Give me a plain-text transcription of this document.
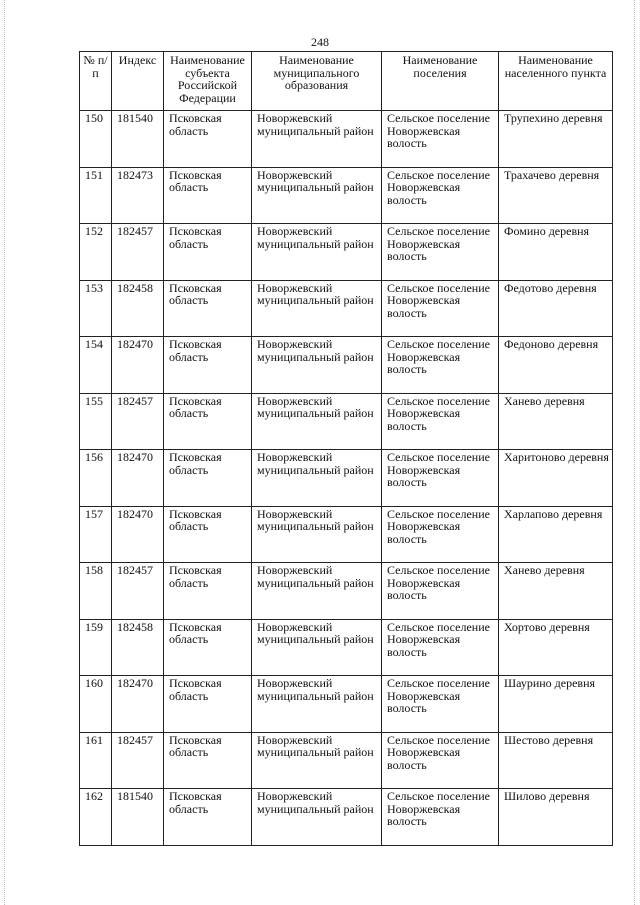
248
№ п/п	Индекс	Наименование субъекта Российской Федерации	Наименование муниципального образования	Наименование поселения	Наименование населенного пункта
150	181540	Псковская область	Новоржевский муниципальный район	Сельское поселение Новоржевская волость	Трупехино деревня
151	182473	Псковская область	Новоржевский муниципальный район	Сельское поселение Новоржевская волость	Трахачево деревня
152	182457	Псковская область	Новоржевский муниципальный район	Сельское поселение Новоржевская волость	Фомино деревня
153	182458	Псковская область	Новоржевский муниципальный район	Сельское поселение Новоржевская волость	Федотово деревня
154	182470	Псковская область	Новоржевский муниципальный район	Сельское поселение Новоржевская волость	Федоново деревня
155	182457	Псковская область	Новоржевский муниципальный район	Сельское поселение Новоржевская волость	Ханево деревня
156	182470	Псковская область	Новоржевский муниципальный район	Сельское поселение Новоржевская волость	Харитоново деревня
157	182470	Псковская область	Новоржевский муниципальный район	Сельское поселение Новоржевская волость	Харлапово деревня
158	182457	Псковская область	Новоржевский муниципальный район	Сельское поселение Новоржевская волость	Ханево деревня
159	182458	Псковская область	Новоржевский муниципальный район	Сельское поселение Новоржевская волость	Хортово деревня
160	182470	Псковская область	Новоржевский муниципальный район	Сельское поселение Новоржевская волость	Шаурино деревня
161	182457	Псковская область	Новоржевский муниципальный район	Сельское поселение Новоржевская волость	Шестово деревня
162	181540	Псковская область	Новоржевский муниципальный район	Сельское поселение Новоржевская волость	Шилово деревня
